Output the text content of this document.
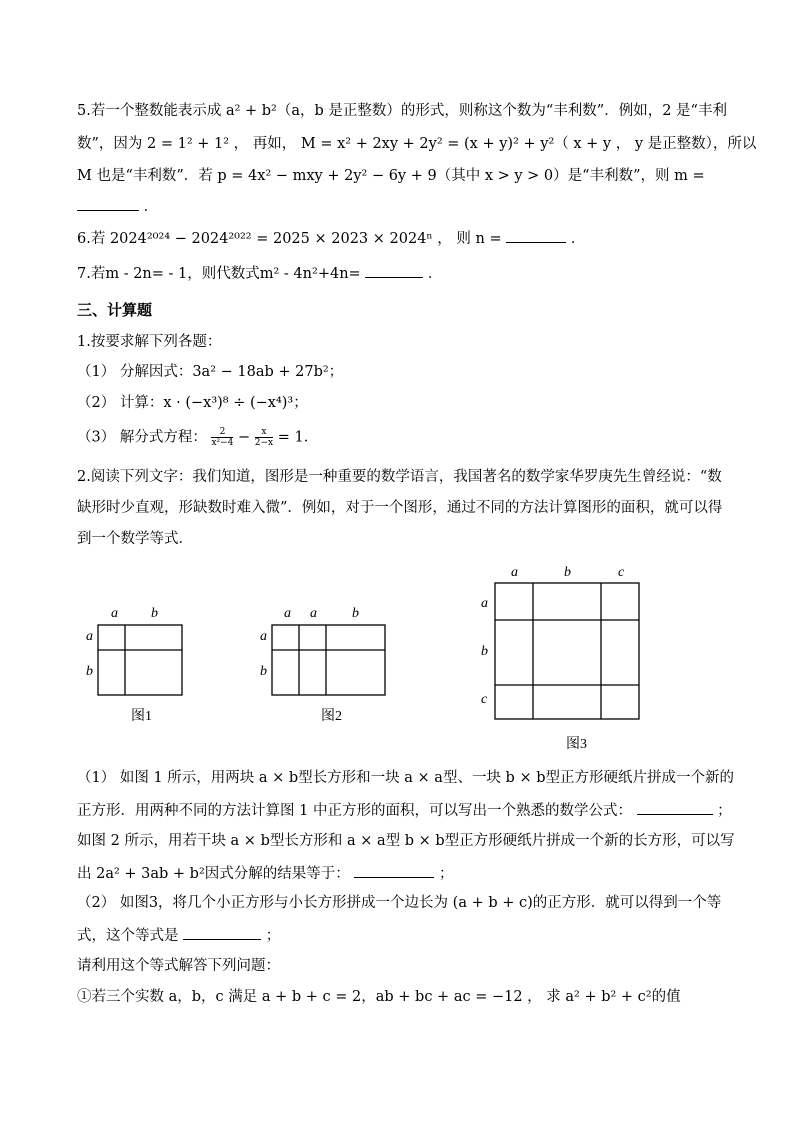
5.若一个整数能表示成 a² + b²（a，b 是正整数）的形式，则称这个数为“丰利数”．例如，2 是“丰利
数”，因为 2 = 1² + 1² ， 再如， M = x² + 2xy + 2y² = (x + y)² + y²（ x + y ， y 是正整数），所以
M 也是“丰利数”．若 p = 4x² − mxy + 2y² − 6y + 9（其中 x > y > 0）是“丰利数”，则 m =
．
6.若 2024²⁰²⁴ − 2024²⁰²² = 2025 × 2023 × 2024ⁿ ， 则 n =	．
7.若m - 2n= - 1，则代数式m² - 4n²+4n=	．
三、计算题
1.按要求解下列各题：
（1） 分解因式：3a² − 18ab + 27b²；
（2） 计算：x · (−x³)⁸ ÷ (−x⁴)³；
（3） 解分式方程： $\frac{2}{\text{x²−4}} - \frac{x}{2-x} = 1$.
2.阅读下列文字：我们知道，图形是一种重要的数学语言，我国著名的数学家华罗庚先生曾经说：“数
缺形时少直观，形缺数时难入微”．例如，对于一个图形，通过不同的方法计算图形的面积，就可以得
到一个数学等式．
a b
a
b
图1
a a	b
a
b
图2
a	b	c
a
b
c
图3
（1） 如图 1 所示，用两块 a × b型长方形和一块 a × a型、一块 b × b型正方形硬纸片拼成一个新的
正方形．用两种不同的方法计算图 1 中正方形的面积，可以写出一个熟悉的数学公式：	；
如图 2 所示，用若干块 a × b型长方形和 a × a型 b × b型正方形硬纸片拼成一个新的长方形，可以写
出 2a² + 3ab + b²因式分解的结果等于：	；
（2） 如图3，将几个小正方形与小长方形拼成一个边长为 (a + b + c)的正方形．就可以得到一个等
式，这个等式是	；
请利用这个等式解答下列问题：
①若三个实数 a，b，c 满足 a + b + c = 2，ab + bc + ac = −12 ， 求 a² + b² + c²的值
